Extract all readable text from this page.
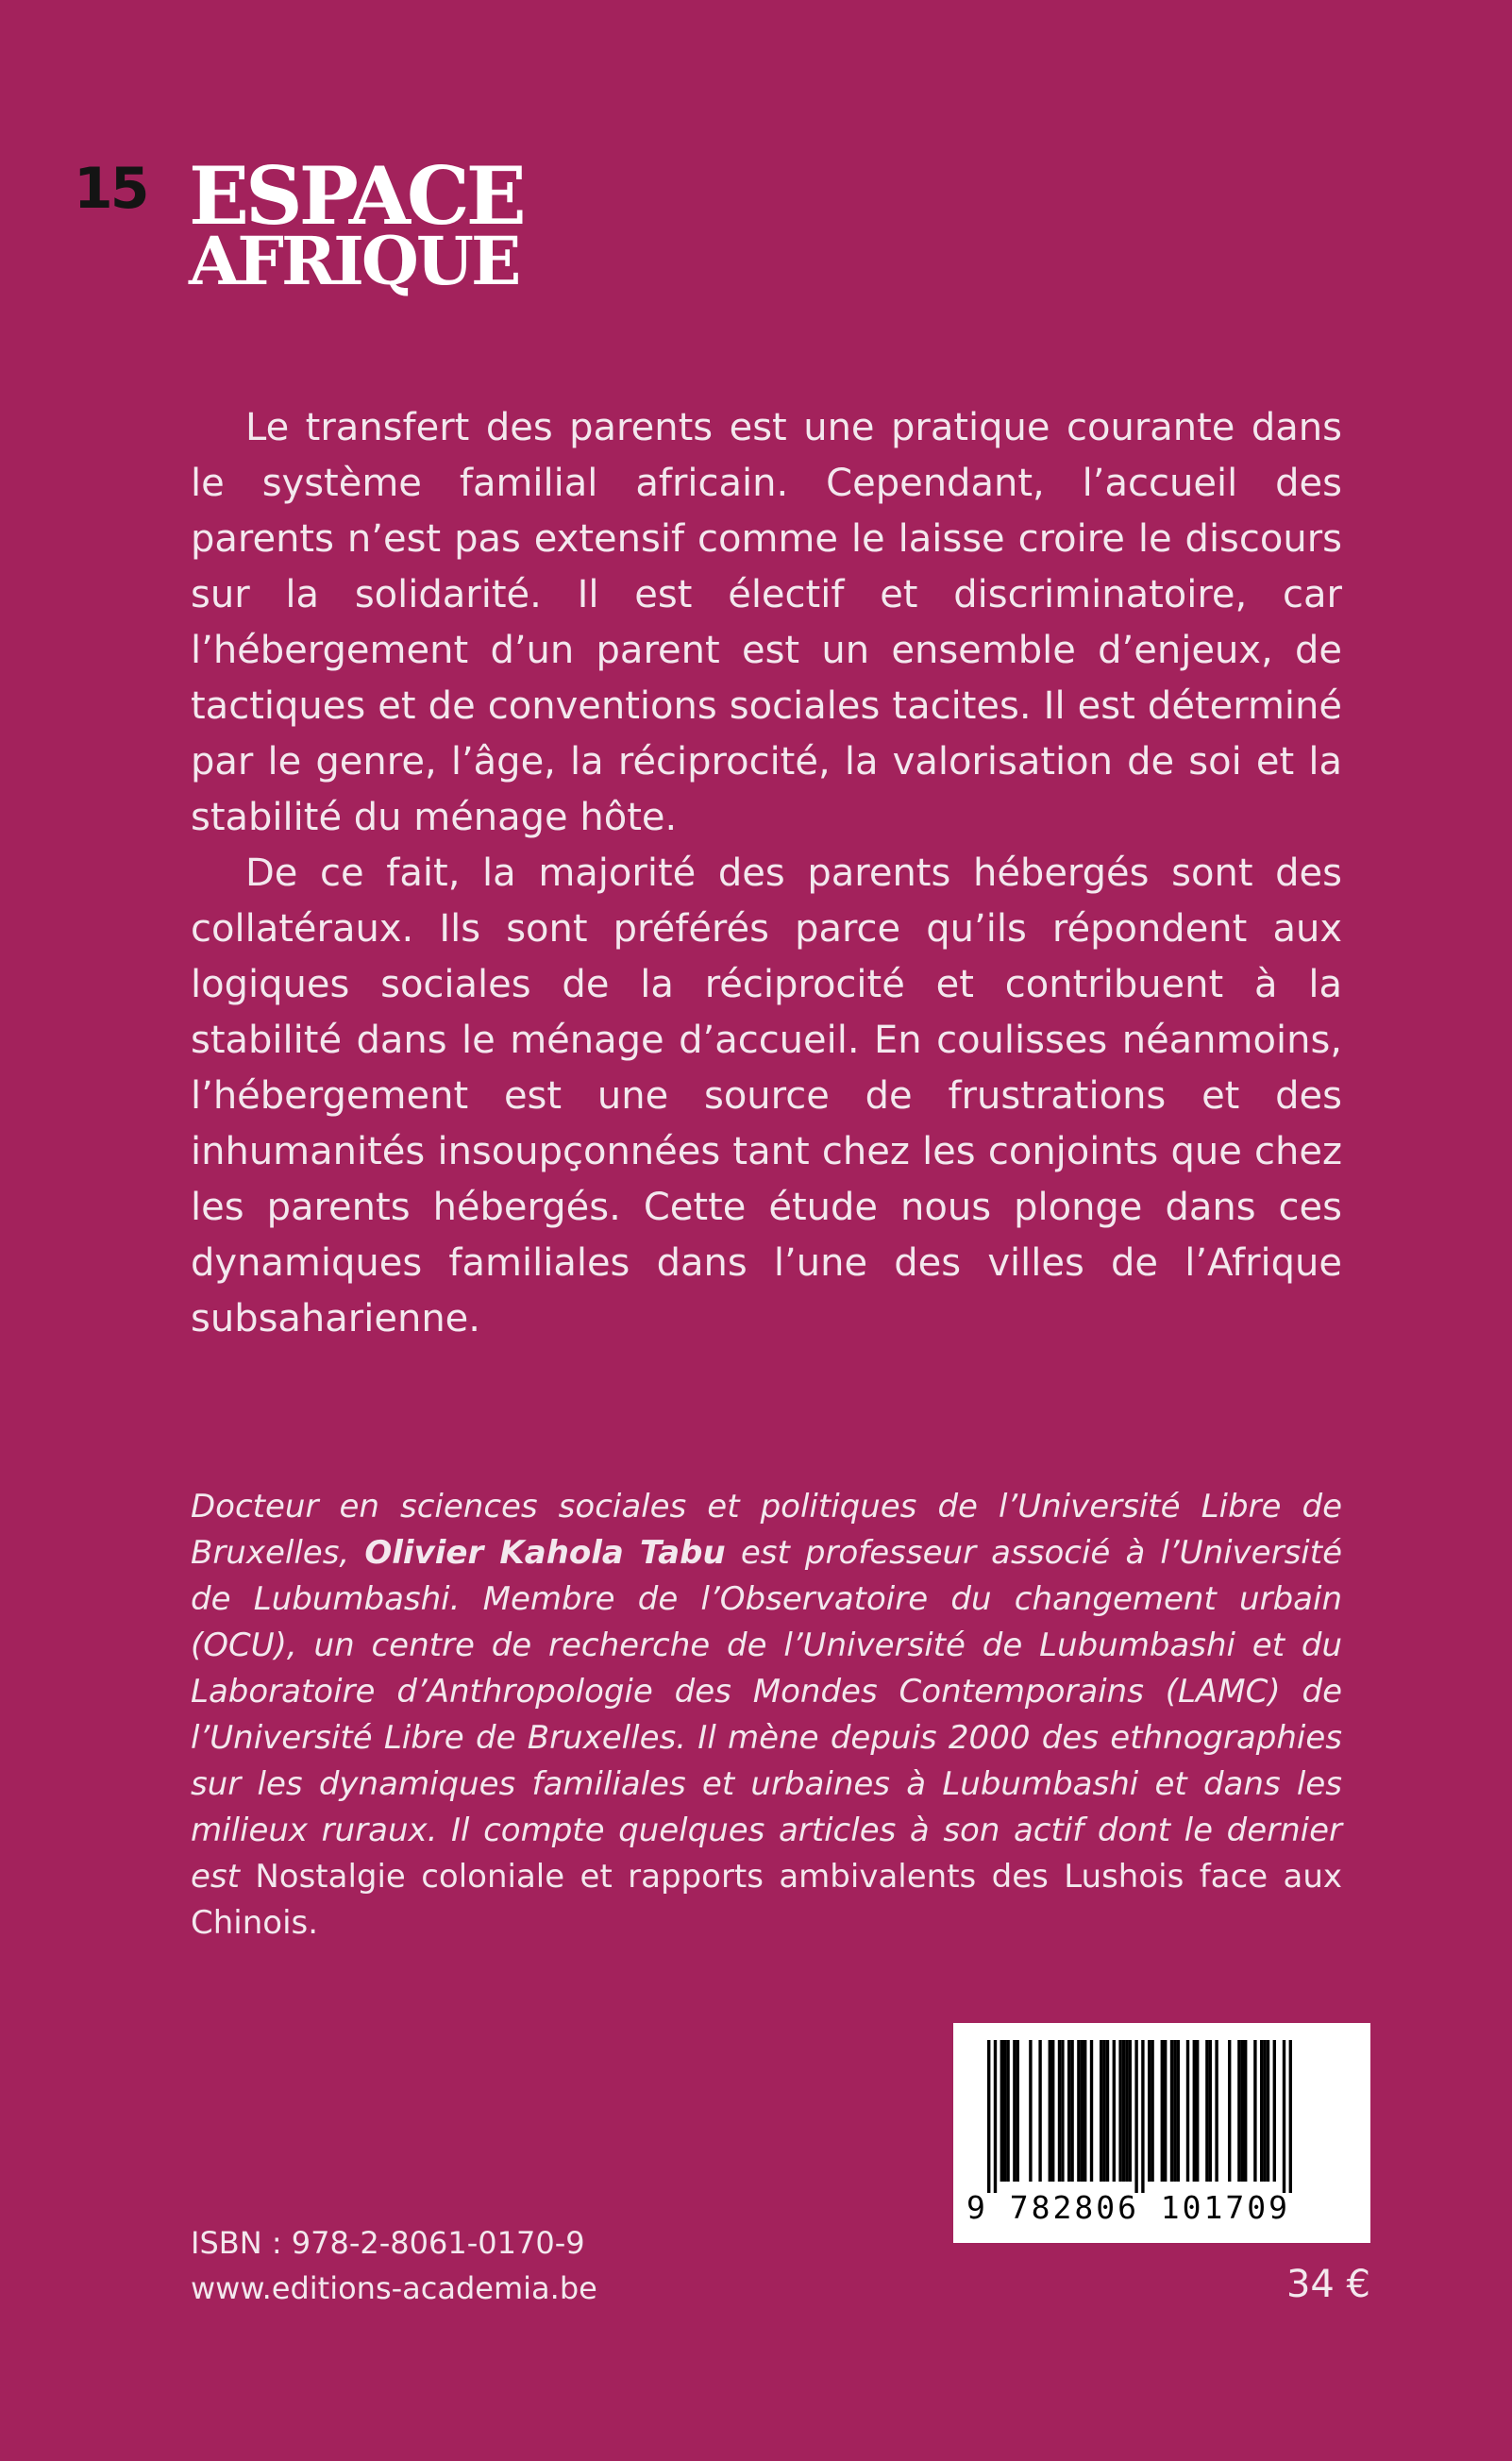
15 ESPACE
AFRIQUE

Le transfert des parents est une pratique courante dans le système familial africain. Cependant, l’accueil des parents n’est pas extensif comme le laisse croire le discours sur la solidarité. Il est électif et discriminatoire, car l’hébergement d’un parent est un ensemble d’enjeux, de tactiques et de conventions sociales tacites. Il est déterminé par le genre, l’âge, la réciprocité, la valorisation de soi et la stabilité du ménage hôte.

De ce fait, la majorité des parents hébergés sont des collatéraux. Ils sont préférés parce qu’ils répondent aux logiques sociales de la réciprocité et contribuent à la stabilité dans le ménage d’accueil. En coulisses néanmoins, l’hébergement est une source de frustrations et des inhumanités insoupçonnées tant chez les conjoints que chez les parents hébergés. Cette étude nous plonge dans ces dynamiques familiales dans l’une des villes de l’Afrique subsaharienne.

Docteur en sciences sociales et politiques de l’Université Libre de Bruxelles, Olivier Kahola Tabu est professeur associé à l’Université de Lubumbashi. Membre de l’Observatoire du changement urbain (OCU), un centre de recherche de l’Université de Lubumbashi et du Laboratoire d’Anthropologie des Mondes Contemporains (LAMC) de l’Université Libre de Bruxelles. Il mène depuis 2000 des ethnographies sur les dynamiques familiales et urbaines à Lubumbashi et dans les milieux ruraux. Il compte quelques articles à son actif dont le dernier est Nostalgie coloniale et rapports ambivalents des Lushois face aux Chinois.
9 782806 101709
ISBN : 978-2-8061-0170-9
www.editions-academia.be	34 €
